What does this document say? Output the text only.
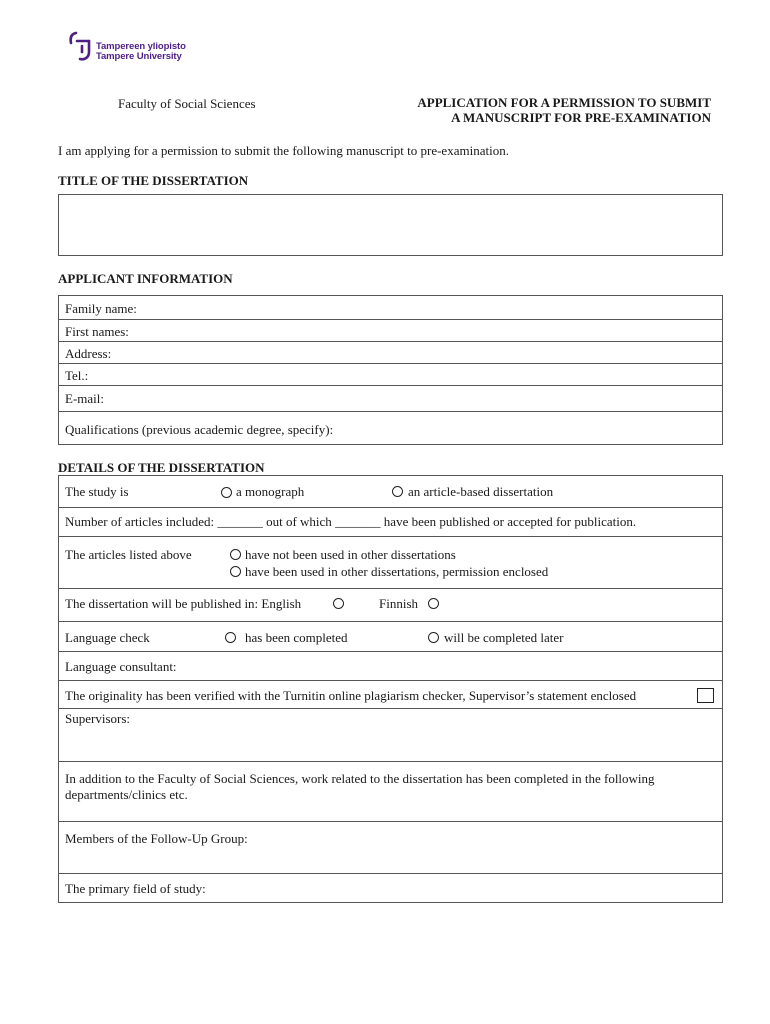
Tampereen yliopisto
Tampere University
Faculty of Social Sciences	APPLICATION FOR A PERMISSION TO SUBMIT
A MANUSCRIPT FOR PRE-EXAMINATION
I am applying for a permission to submit the following manuscript to pre-examination.
TITLE OF THE DISSERTATION
APPLICANT INFORMATION
Family name:
First names:
Address:
Tel.:
E-mail:
Qualifications (previous academic degree, specify):
DETAILS OF THE DISSERTATION
The study is	a monograph	an article-based dissertation
Number of articles included: _______ out of which _______ have been published or accepted for publication.
The articles listed above	have not been used in other dissertations
have been used in other dissertations, permission enclosed
The dissertation will be published in: English	Finnish
Language check	has been completed	will be completed later
Language consultant:
The originality has been verified with the Turnitin online plagiarism checker, Supervisor’s statement enclosed
Supervisors:
In addition to the Faculty of Social Sciences, work related to the dissertation has been completed in the following
departments/clinics etc.
Members of the Follow-Up Group:
The primary field of study:
